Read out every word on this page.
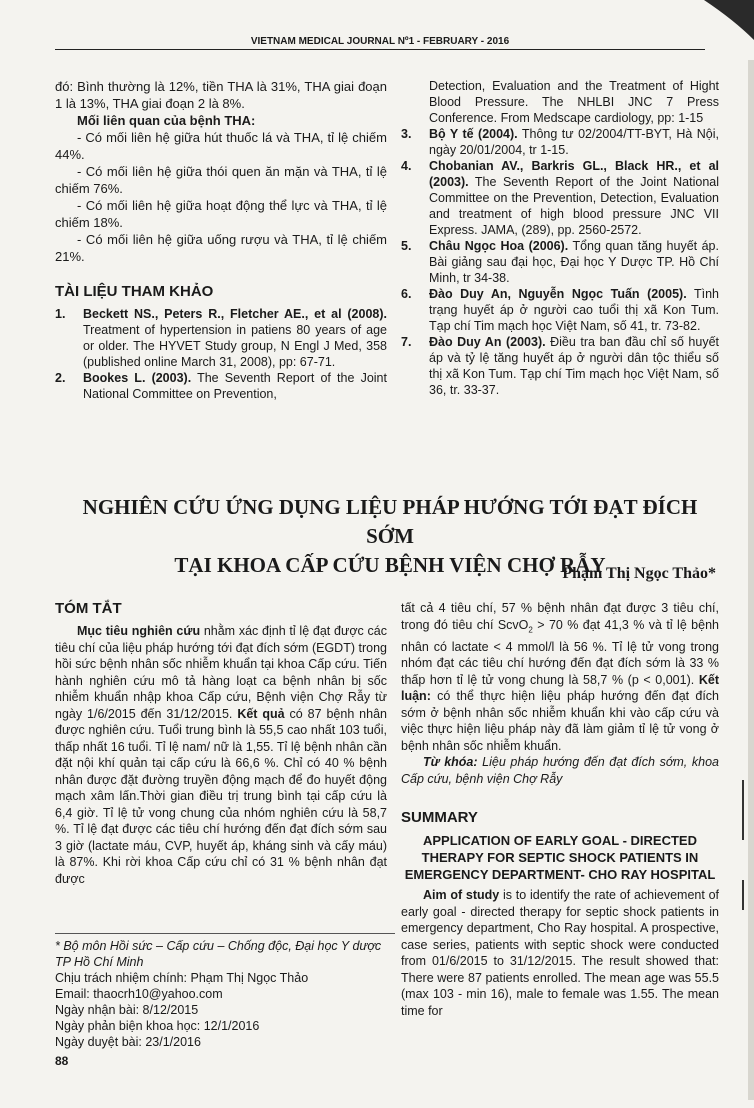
VIETNAM MEDICAL JOURNAL Nº1 - FEBRUARY - 2016

đó: Bình thường là 12%, tiền THA là 31%, THA giai đoạn 1 là 13%, THA giai đoạn 2 là 8%.

Mối liên quan của bệnh THA:

- Có mối liên hệ giữa hút thuốc lá và THA, tỉ lệ chiếm 44%.

- Có mối liên hệ giữa thói quen ăn mặn và THA, tỉ lệ chiếm 76%.

- Có mối liên hệ giữa hoạt động thể lực và THA, tỉ lệ chiếm 18%.

- Có mối liên hệ giữa uống rượu và THA, tỉ lệ chiếm 21%.

TÀI LIỆU THAM KHẢO
1. Beckett NS., Peters R., Fletcher AE., et al (2008). Treatment of hypertension in patiens 80 years of age or older. The HYVET Study group, N Engl J Med, 358 (published online March 31, 2008), pp: 67-71.
2. Bookes L. (2003). The Seventh Report of the Joint National Committee on Prevention,
Detection, Evaluation and the Treatment of Hight Blood Pressure. The NHLBI JNC 7 Press Conference. From Medscape cardiology, pp: 1-15
3. Bộ Y tế (2004). Thông tư 02/2004/TT-BYT, Hà Nội, ngày 20/01/2004, tr 1-15.
4. Chobanian AV., Barkris GL., Black HR., et al (2003). The Seventh Report of the Joint National Committee on the Prevention, Detection, Evaluation and treatment of high blood pressure JNC VII Express. JAMA, (289), pp. 2560-2572.
5. Châu Ngọc Hoa (2006). Tổng quan tăng huyết áp. Bài giảng sau đại học, Đại học Y Dược TP. Hồ Chí Minh, tr 34-38.
6. Đào Duy An, Nguyễn Ngọc Tuấn (2005). Tình trạng huyết áp ở người cao tuổi thị xã Kon Tum. Tạp chí Tim mạch học Việt Nam, số 41, tr. 73-82.
7. Đào Duy An (2003). Điều tra ban đầu chỉ số huyết áp và tỷ lệ tăng huyết áp ở người dân tộc thiểu số thị xã Kon Tum. Tạp chí Tim mạch học Việt Nam, số 36, tr. 33-37.
NGHIÊN CỨU ỨNG DỤNG LIỆU PHÁP HƯỚNG TỚI ĐẠT ĐÍCH SỚM
TẠI KHOA CẤP CỨU BỆNH VIỆN CHỢ RẪY
Phạm Thị Ngọc Thảo*
TÓM TẮT

Mục tiêu nghiên cứu nhằm xác định tỉ lệ đạt được các tiêu chí của liệu pháp hướng tới đạt đích sớm (EGDT) trong hồi sức bệnh nhân sốc nhiễm khuẩn tại khoa Cấp cứu. Tiến hành nghiên cứu mô tả hàng loạt ca bệnh nhân bị sốc nhiễm khuẩn nhập khoa Cấp cứu, Bệnh viện Chợ Rẫy từ ngày 1/6/2015 đến 31/12/2015. Kết quả có 87 bệnh nhân được nghiên cứu. Tuổi trung bình là 55,5 cao nhất 103 tuổi, thấp nhất 16 tuổi. Tỉ lệ nam/ nữ là 1,55. Tỉ lệ bệnh nhân cần đặt nội khí quản tại cấp cứu là 66,6 %. Chỉ có 40 % bệnh nhân được đặt đường truyền động mạch để đo huyết động mạch xâm lấn.Thời gian điều trị trung bình tại cấp cứu là 6,4 giờ. Tỉ lệ tử vong chung của nhóm nghiên cứu là 58,7 %. Tỉ lệ đạt được các tiêu chí hướng đến đạt đích sớm sau 3 giờ (lactate máu, CVP, huyết áp, kháng sinh và cấy máu) là 87%. Khi rời khoa Cấp cứu chỉ có 31 % bệnh nhân đạt được

tất cả 4 tiêu chí, 57 % bệnh nhân đạt được 3 tiêu chí, trong đó tiêu chí ScvO$_2$ > 70 % đạt 41,3 % và tỉ lệ bệnh nhân có lactate < 4 mmol/l là 56 %. Tỉ lệ tử vong trong nhóm đạt các tiêu chí hướng đến đạt đích sớm là 33 % thấp hơn tỉ lệ tử vong chung là 58,7 % (p < 0,001). Kết luận: có thể thực hiện liệu pháp hướng đến đạt đích sớm ở bệnh nhân sốc nhiễm khuẩn khi vào cấp cứu và việc thực hiện liệu pháp này đã làm giảm tỉ lệ tử vong ở bệnh nhân sốc nhiễm khuẩn.

Từ khóa: Liệu pháp hướng đến đạt đích sớm, khoa Cấp cứu, bệnh viện Chợ Rẫy

SUMMARY
APPLICATION OF EARLY GOAL - DIRECTED THERAPY FOR SEPTIC SHOCK PATIENTS IN EMERGENCY DEPARTMENT- CHO RAY HOSPITAL

Aim of study is to identify the rate of achievement of early goal - directed therapy for septic shock patients in emergency department, Cho Ray hospital. A prospective, case series, patients with septic shock were conducted from 01/6/2015 to 31/12/2015. The result showed that: There were 87 patients enrolled. The mean age was 55.5 (max 103 - min 16), male to female was 1.55. The mean time for

* Bộ môn Hồi sức – Cấp cứu – Chống độc, Đại học Y dược TP Hồ Chí Minh

Chịu trách nhiệm chính: Phạm Thị Ngọc Thảo

Email: thaocrh10@yahoo.com

Ngày nhận bài: 8/12/2015

Ngày phản biện khoa học: 12/1/2016

Ngày duyệt bài: 23/1/2016

88
